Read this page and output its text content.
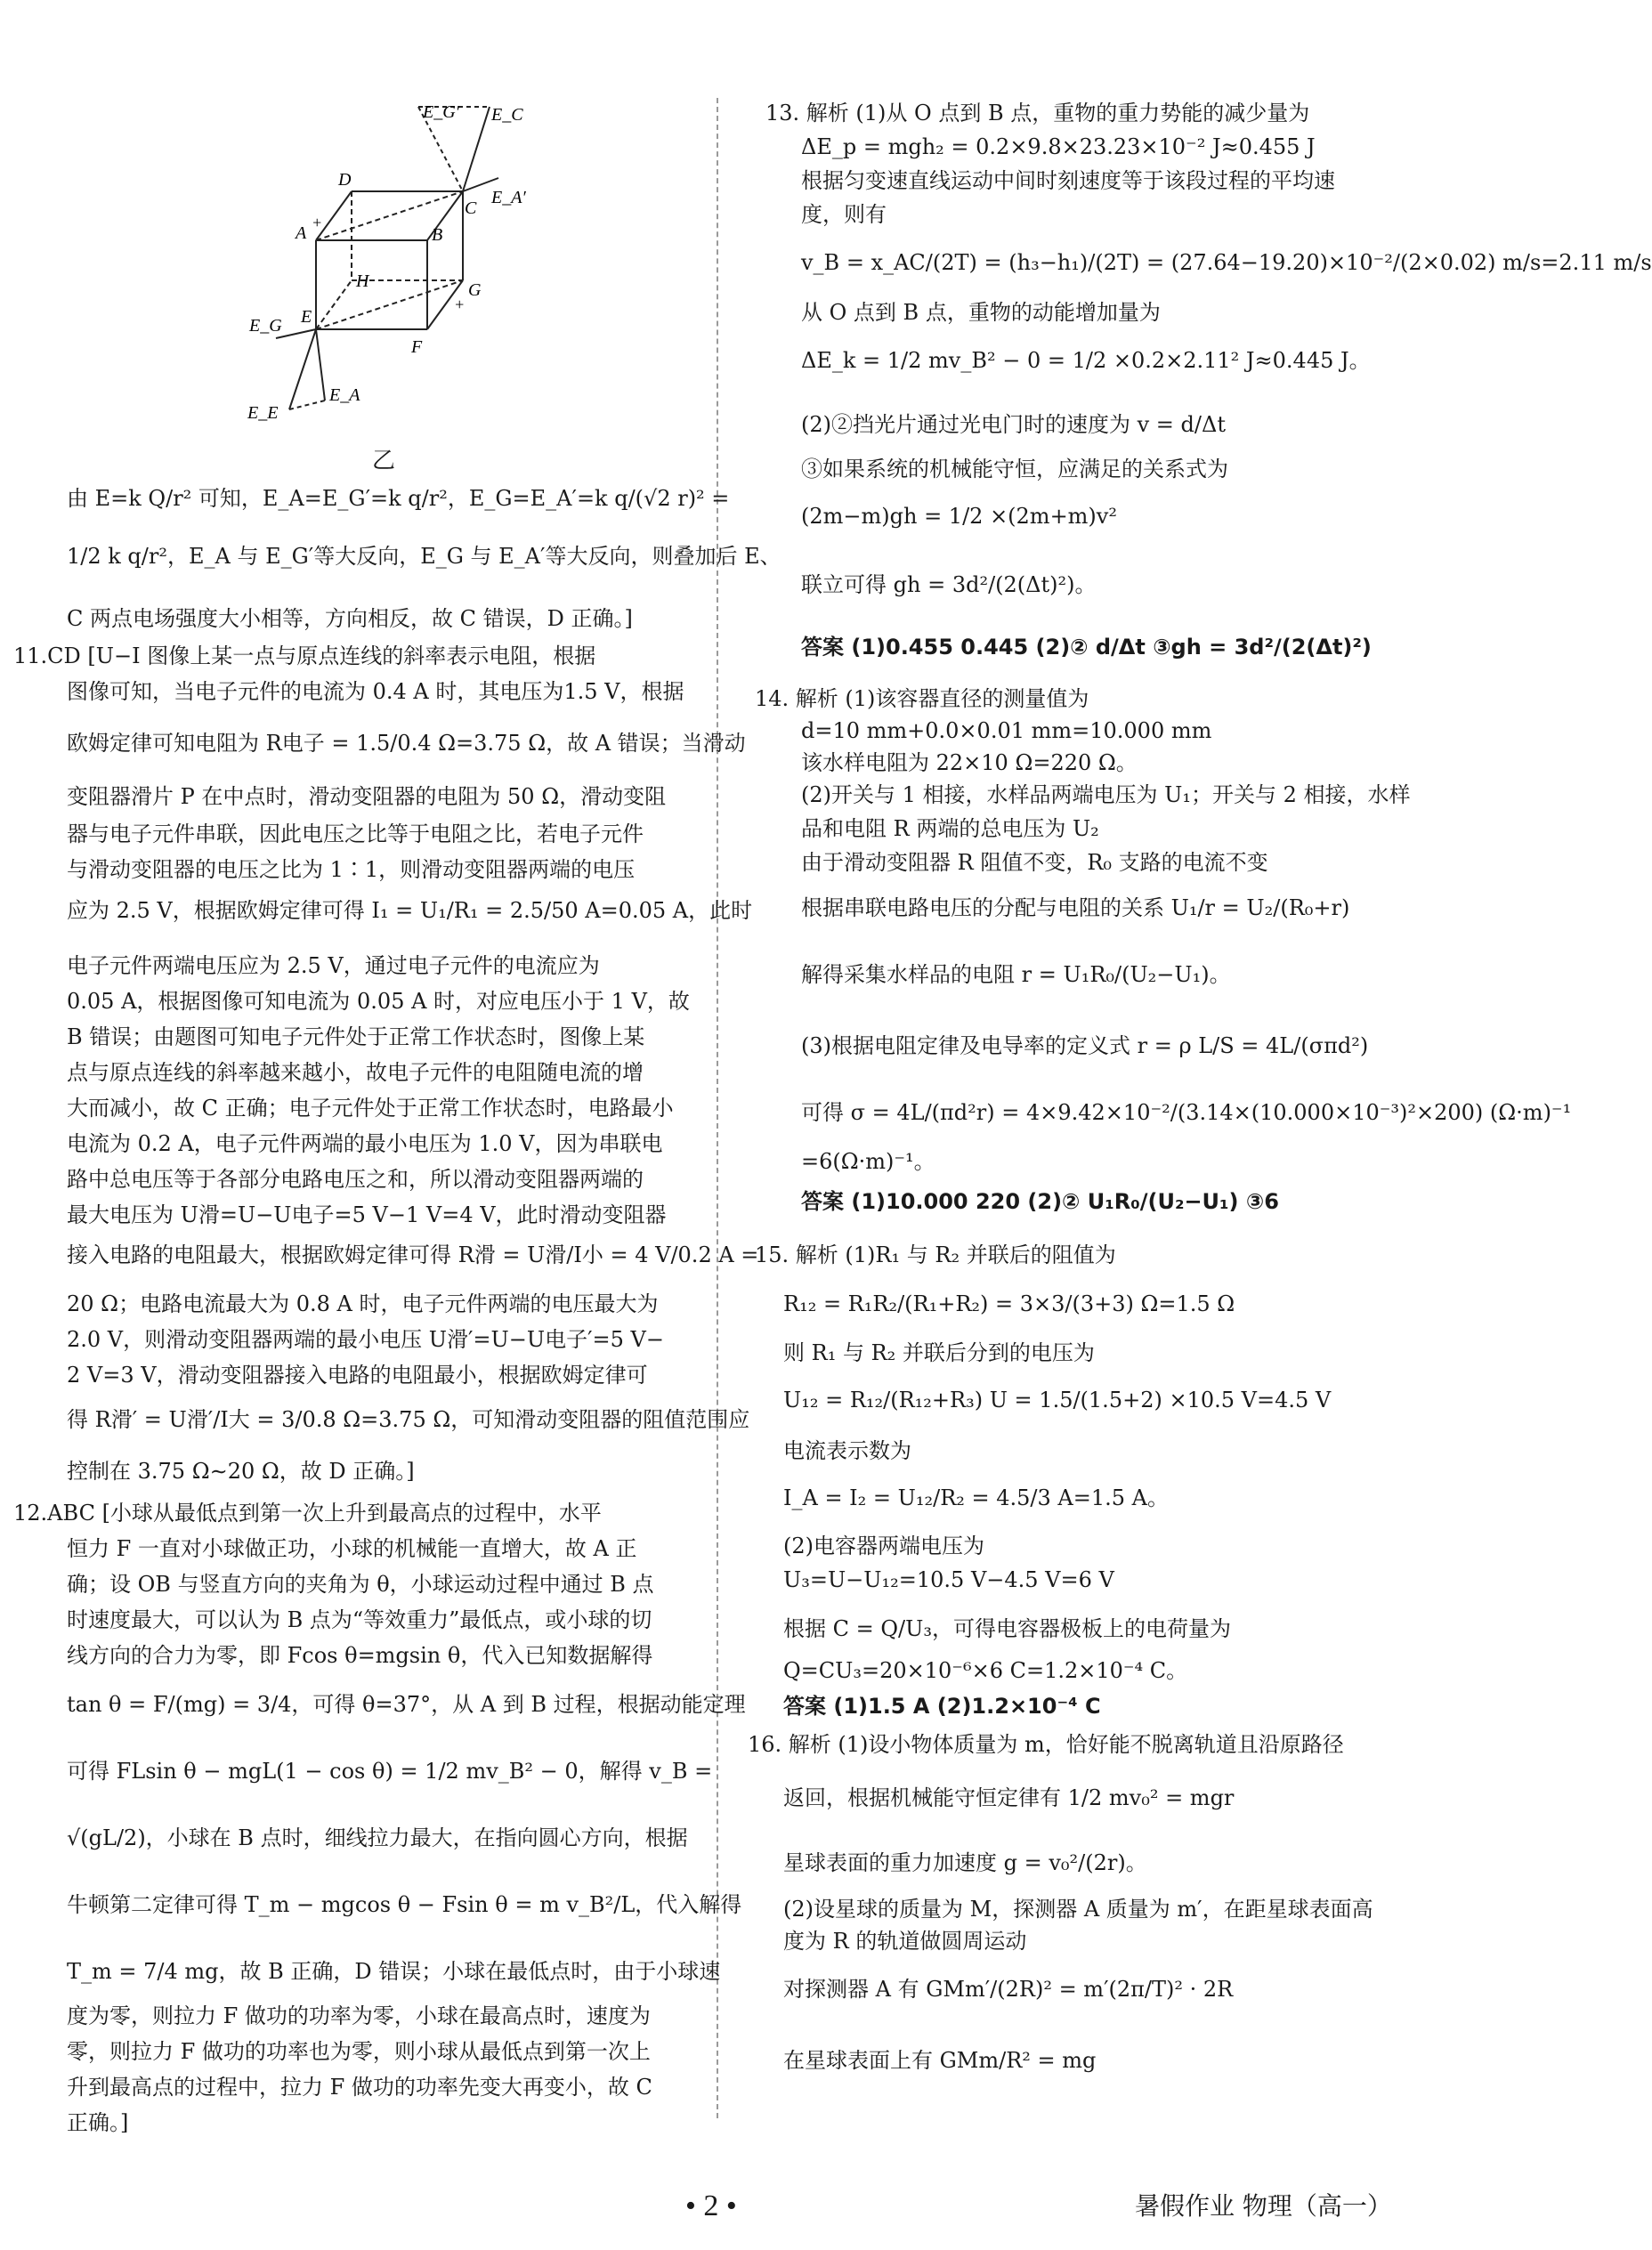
E_G′ E_C
D
C
E_A′
A
+
B
H	G
+
E_G E
F
E_A
E_E
乙
由 E=k Q/r² 可知，E_A=E_G′=k q/r²，E_G=E_A′=k q/(√2 r)² =
1/2 k q/r²，E_A 与 E_G′等大反向，E_G 与 E_A′等大反向，则叠加后 E、
C 两点电场强度大小相等，方向相反，故 C 错误，D 正确。]
11.CD [U−I 图像上某一点与原点连线的斜率表示电阻，根据
图像可知，当电子元件的电流为 0.4 A 时，其电压为1.5 V，根据
欧姆定律可知电阻为 R电子 = 1.5/0.4 Ω=3.75 Ω，故 A 错误；当滑动
变阻器滑片 P 在中点时，滑动变阻器的电阻为 50 Ω，滑动变阻
器与电子元件串联，因此电压之比等于电阻之比，若电子元件
与滑动变阻器的电压之比为 1∶1，则滑动变阻器两端的电压
应为 2.5 V，根据欧姆定律可得 I₁ = U₁/R₁ = 2.5/50 A=0.05 A，此时
电子元件两端电压应为 2.5 V，通过电子元件的电流应为
0.05 A，根据图像可知电流为 0.05 A 时，对应电压小于 1 V，故
B 错误；由题图可知电子元件处于正常工作状态时，图像上某
点与原点连线的斜率越来越小，故电子元件的电阻随电流的增
大而减小，故 C 正确；电子元件处于正常工作状态时，电路最小
电流为 0.2 A，电子元件两端的最小电压为 1.0 V，因为串联电
路中总电压等于各部分电路电压之和，所以滑动变阻器两端的
最大电压为 U滑=U−U电子=5 V−1 V=4 V，此时滑动变阻器
接入电路的电阻最大，根据欧姆定律可得 R滑 = U滑/I小 = 4 V/0.2 A =
20 Ω；电路电流最大为 0.8 A 时，电子元件两端的电压最大为
2.0 V，则滑动变阻器两端的最小电压 U滑′=U−U电子′=5 V−
2 V=3 V，滑动变阻器接入电路的电阻最小，根据欧姆定律可
得 R滑′ = U滑′/I大 = 3/0.8 Ω=3.75 Ω，可知滑动变阻器的阻值范围应
控制在 3.75 Ω∼20 Ω，故 D 正确。]
12.ABC [小球从最低点到第一次上升到最高点的过程中，水平
恒力 F 一直对小球做正功，小球的机械能一直增大，故 A 正
确；设 OB 与竖直方向的夹角为 θ，小球运动过程中通过 B 点
时速度最大，可以认为 B 点为“等效重力”最低点，或小球的切
线方向的合力为零，即 Fcos θ=mgsin θ，代入已知数据解得
tan θ = F/(mg) = 3/4，可得 θ=37°，从 A 到 B 过程，根据动能定理
可得 FLsin θ − mgL(1 − cos θ) = 1/2 mv_B² − 0，解得 v_B =
√(gL/2)，小球在 B 点时，细线拉力最大，在指向圆心方向，根据
牛顿第二定律可得 T_m − mgcos θ − Fsin θ = m v_B²/L，代入解得
T_m = 7/4 mg，故 B 正确，D 错误；小球在最低点时，由于小球速
度为零，则拉力 F 做功的功率为零，小球在最高点时，速度为
零，则拉力 F 做功的功率也为零，则小球从最低点到第一次上
升到最高点的过程中，拉力 F 做功的功率先变大再变小，故 C
正确。]
13. 解析 (1)从 O 点到 B 点，重物的重力势能的减少量为
ΔE_p = mgh₂ = 0.2×9.8×23.23×10⁻² J≈0.455 J
根据匀变速直线运动中间时刻速度等于该段过程的平均速
度，则有
v_B = x_AC/(2T) = (h₃−h₁)/(2T) = (27.64−19.20)×10⁻²/(2×0.02) m/s=2.11 m/s
从 O 点到 B 点，重物的动能增加量为
ΔE_k = 1/2 mv_B² − 0 = 1/2 ×0.2×2.11² J≈0.445 J。
(2)②挡光片通过光电门时的速度为 v = d/Δt
③如果系统的机械能守恒，应满足的关系式为
(2m−m)gh = 1/2 ×(2m+m)v²
联立可得 gh = 3d²/(2(Δt)²)。
答案 (1)0.455 0.445 (2)② d/Δt ③gh = 3d²/(2(Δt)²)
14. 解析 (1)该容器直径的测量值为
d=10 mm+0.0×0.01 mm=10.000 mm
该水样电阻为 22×10 Ω=220 Ω。
(2)开关与 1 相接，水样品两端电压为 U₁；开关与 2 相接，水样
品和电阻 R 两端的总电压为 U₂
由于滑动变阻器 R 阻值不变，R₀ 支路的电流不变
根据串联电路电压的分配与电阻的关系 U₁/r = U₂/(R₀+r)
解得采集水样品的电阻 r = U₁R₀/(U₂−U₁)。
(3)根据电阻定律及电导率的定义式 r = ρ L/S = 4L/(σπd²)
可得 σ = 4L/(πd²r) = 4×9.42×10⁻²/(3.14×(10.000×10⁻³)²×200) (Ω·m)⁻¹
=6(Ω·m)⁻¹。
答案 (1)10.000 220 (2)② U₁R₀/(U₂−U₁) ③6
15. 解析 (1)R₁ 与 R₂ 并联后的阻值为
R₁₂ = R₁R₂/(R₁+R₂) = 3×3/(3+3) Ω=1.5 Ω
则 R₁ 与 R₂ 并联后分到的电压为
U₁₂ = R₁₂/(R₁₂+R₃) U = 1.5/(1.5+2) ×10.5 V=4.5 V
电流表示数为
I_A = I₂ = U₁₂/R₂ = 4.5/3 A=1.5 A。
(2)电容器两端电压为
U₃=U−U₁₂=10.5 V−4.5 V=6 V
根据 C = Q/U₃，可得电容器极板上的电荷量为
Q=CU₃=20×10⁻⁶×6 C=1.2×10⁻⁴ C。
答案 (1)1.5 A (2)1.2×10⁻⁴ C
16. 解析 (1)设小物体质量为 m，恰好能不脱离轨道且沿原路径
返回，根据机械能守恒定律有 1/2 mv₀² = mgr
星球表面的重力加速度 g = v₀²/(2r)。
(2)设星球的质量为 M，探测器 A 质量为 m′，在距星球表面高
度为 R 的轨道做圆周运动
对探测器 A 有 GMm′/(2R)² = m′(2π/T)² · 2R
在星球表面上有 GMm/R² = mg
• 2 •	暑假作业 物理（高一）
